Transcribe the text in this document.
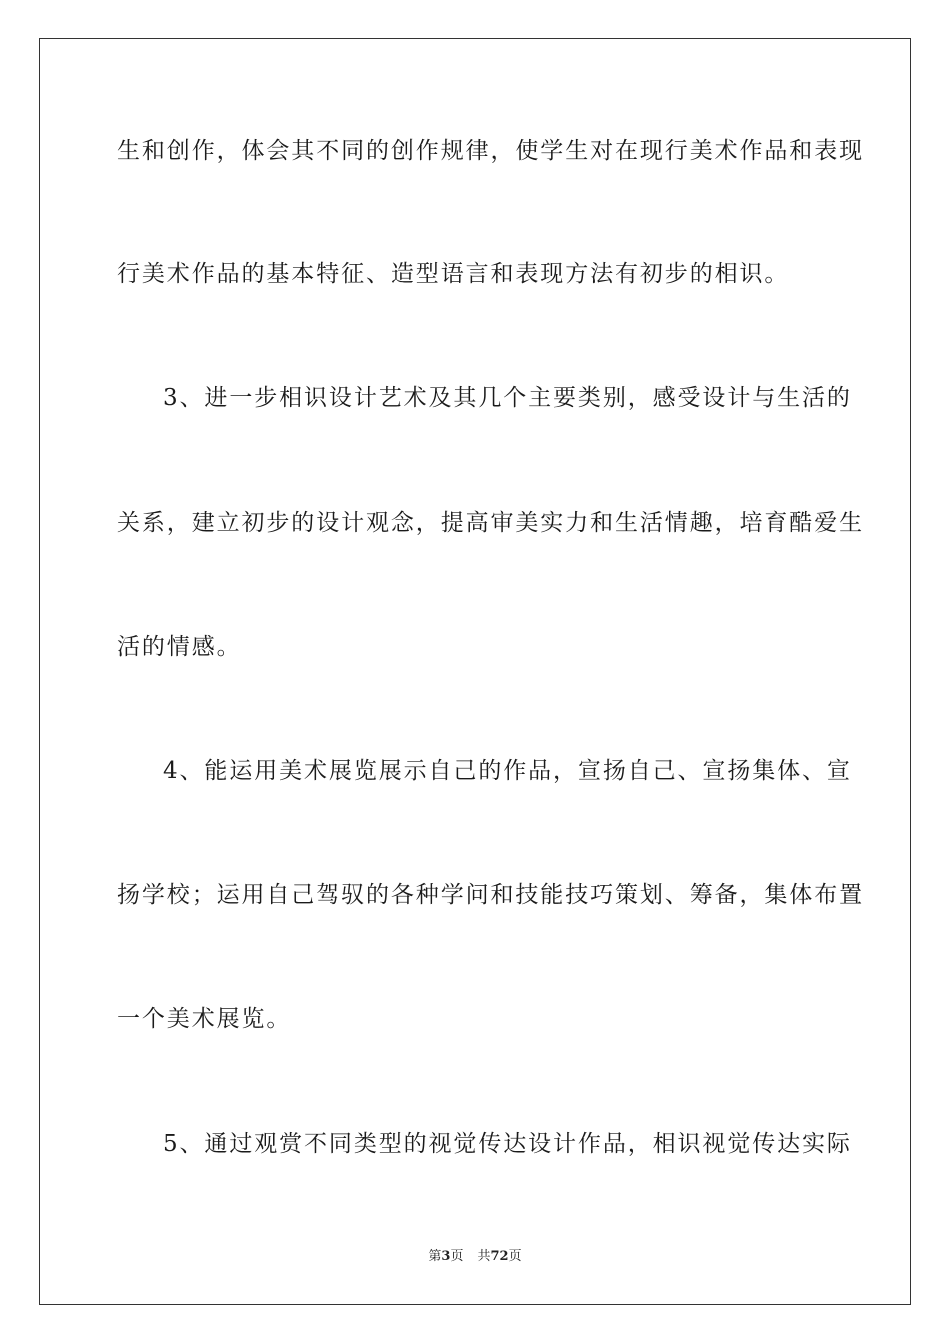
生和创作，体会其不同的创作规律，使学生对在现行美术作品和表现
行美术作品的基本特征、造型语言和表现方法有初步的相识。
3、进一步相识设计艺术及其几个主要类别，感受设计与生活的
关系，建立初步的设计观念，提高审美实力和生活情趣，培育酷爱生
活的情感。
4、能运用美术展览展示自己的作品，宣扬自己、宣扬集体、宣
扬学校；运用自己驾驭的各种学问和技能技巧策划、筹备，集体布置
一个美术展览。
5、通过观赏不同类型的视觉传达设计作品，相识视觉传达实际
第3页 共72页
